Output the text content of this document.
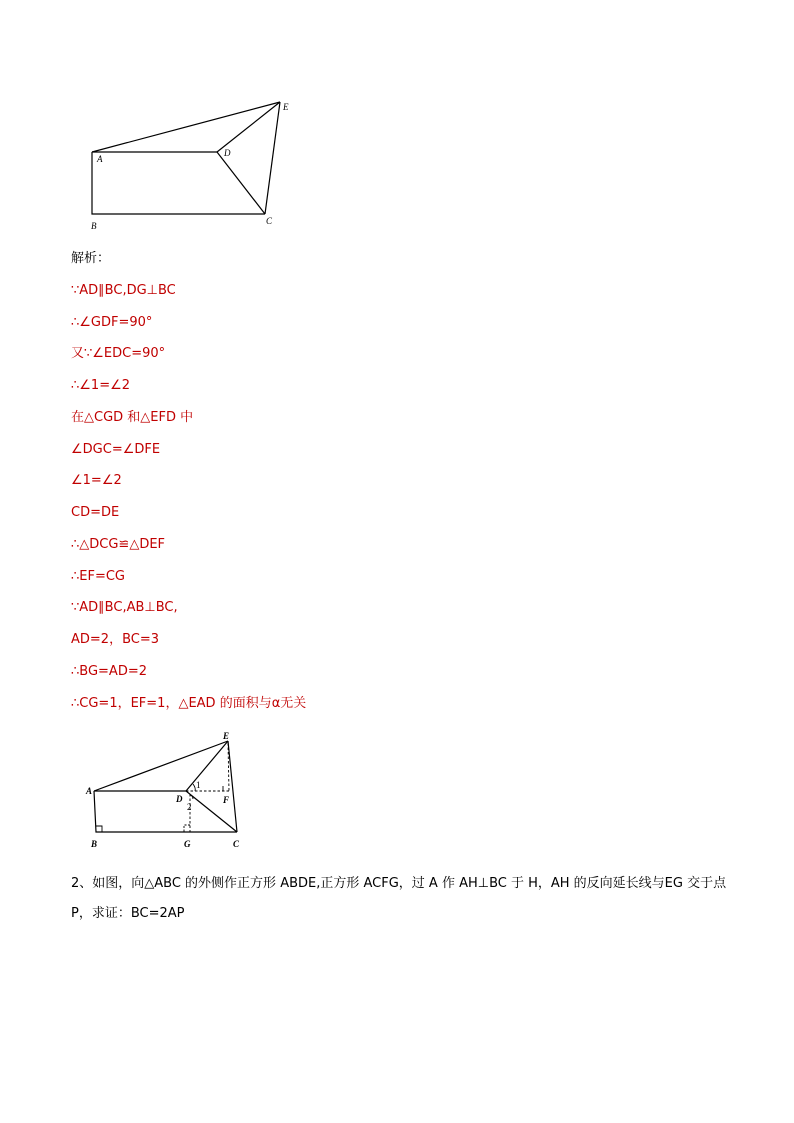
A
B	C
D
E
解析：
∵AD∥BC,DG⊥BC
∴∠GDF=90°
又∵∠EDC=90°
∴∠1=∠2
在△CGD 和△EFD 中
∠DGC=∠DFE
∠1=∠2
CD=DE
∴△DCG≌△DEF
∴EF=CG
∵AD∥BC,AB⊥BC,
AD=2，BC=3
∴BG=AD=2
∴CG=1，EF=1，△EAD 的面积与α无关
A
B	G	C
D
E
F
1
2
2、如图，向△ABC 的外侧作正方形 ABDE,正方形 ACFG，过 A 作 AH⊥BC 于 H，AH 的反向延长线与EG 交于点 P，求证：BC=2AP
